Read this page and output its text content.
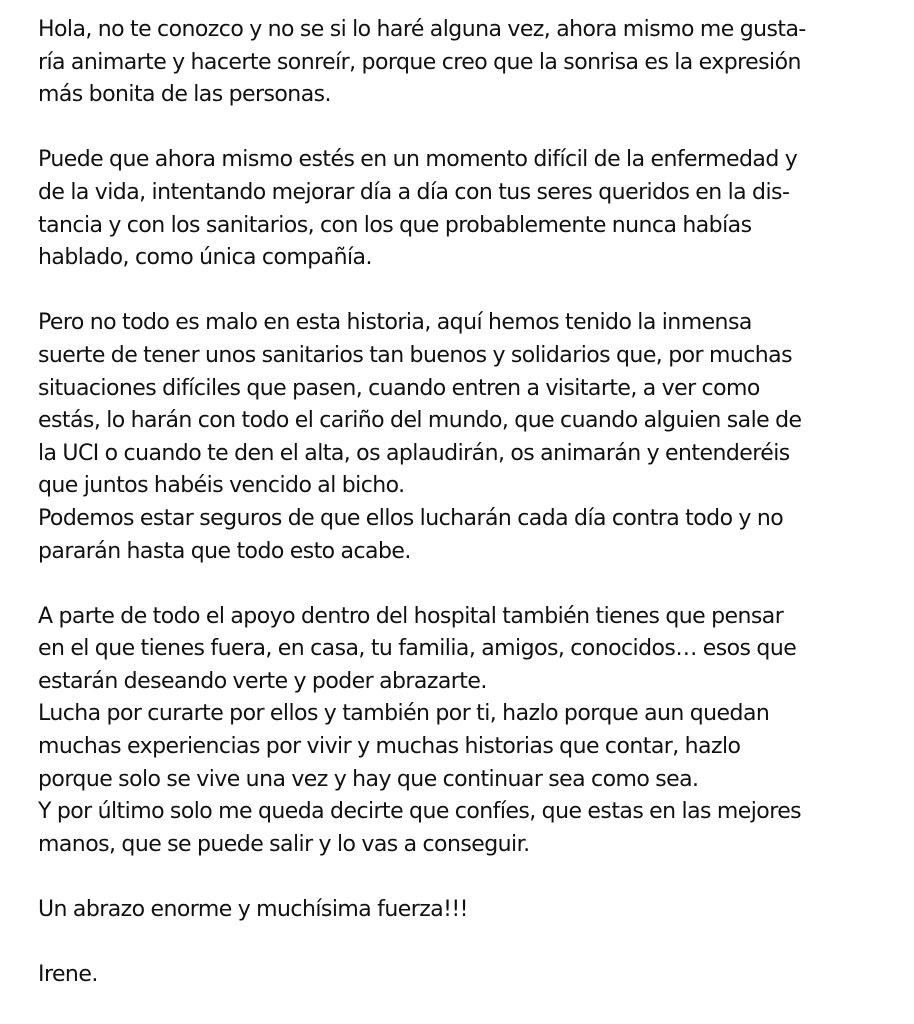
Hola, no te conozco y no se si lo haré alguna vez, ahora mismo me gusta-
ría animarte y hacerte sonreír, porque creo que la sonrisa es la expresión
más bonita de las personas.

Puede que ahora mismo estés en un momento difícil de la enfermedad y
de la vida, intentando mejorar día a día con tus seres queridos en la dis-
tancia y con los sanitarios, con los que probablemente nunca habías
hablado, como única compañía.

Pero no todo es malo en esta historia, aquí hemos tenido la inmensa
suerte de tener unos sanitarios tan buenos y solidarios que, por muchas
situaciones difíciles que pasen, cuando entren a visitarte, a ver como
estás, lo harán con todo el cariño del mundo, que cuando alguien sale de
la UCI o cuando te den el alta, os aplaudirán, os animarán y entenderéis
que juntos habéis vencido al bicho.
Podemos estar seguros de que ellos lucharán cada día contra todo y no
pararán hasta que todo esto acabe.

A parte de todo el apoyo dentro del hospital también tienes que pensar
en el que tienes fuera, en casa, tu familia, amigos, conocidos… esos que
estarán deseando verte y poder abrazarte.
Lucha por curarte por ellos y también por ti, hazlo porque aun quedan
muchas experiencias por vivir y muchas historias que contar, hazlo
porque solo se vive una vez y hay que continuar sea como sea.
Y por último solo me queda decirte que confíes, que estas en las mejores
manos, que se puede salir y lo vas a conseguir.

Un abrazo enorme y muchísima fuerza!!!

Irene.
